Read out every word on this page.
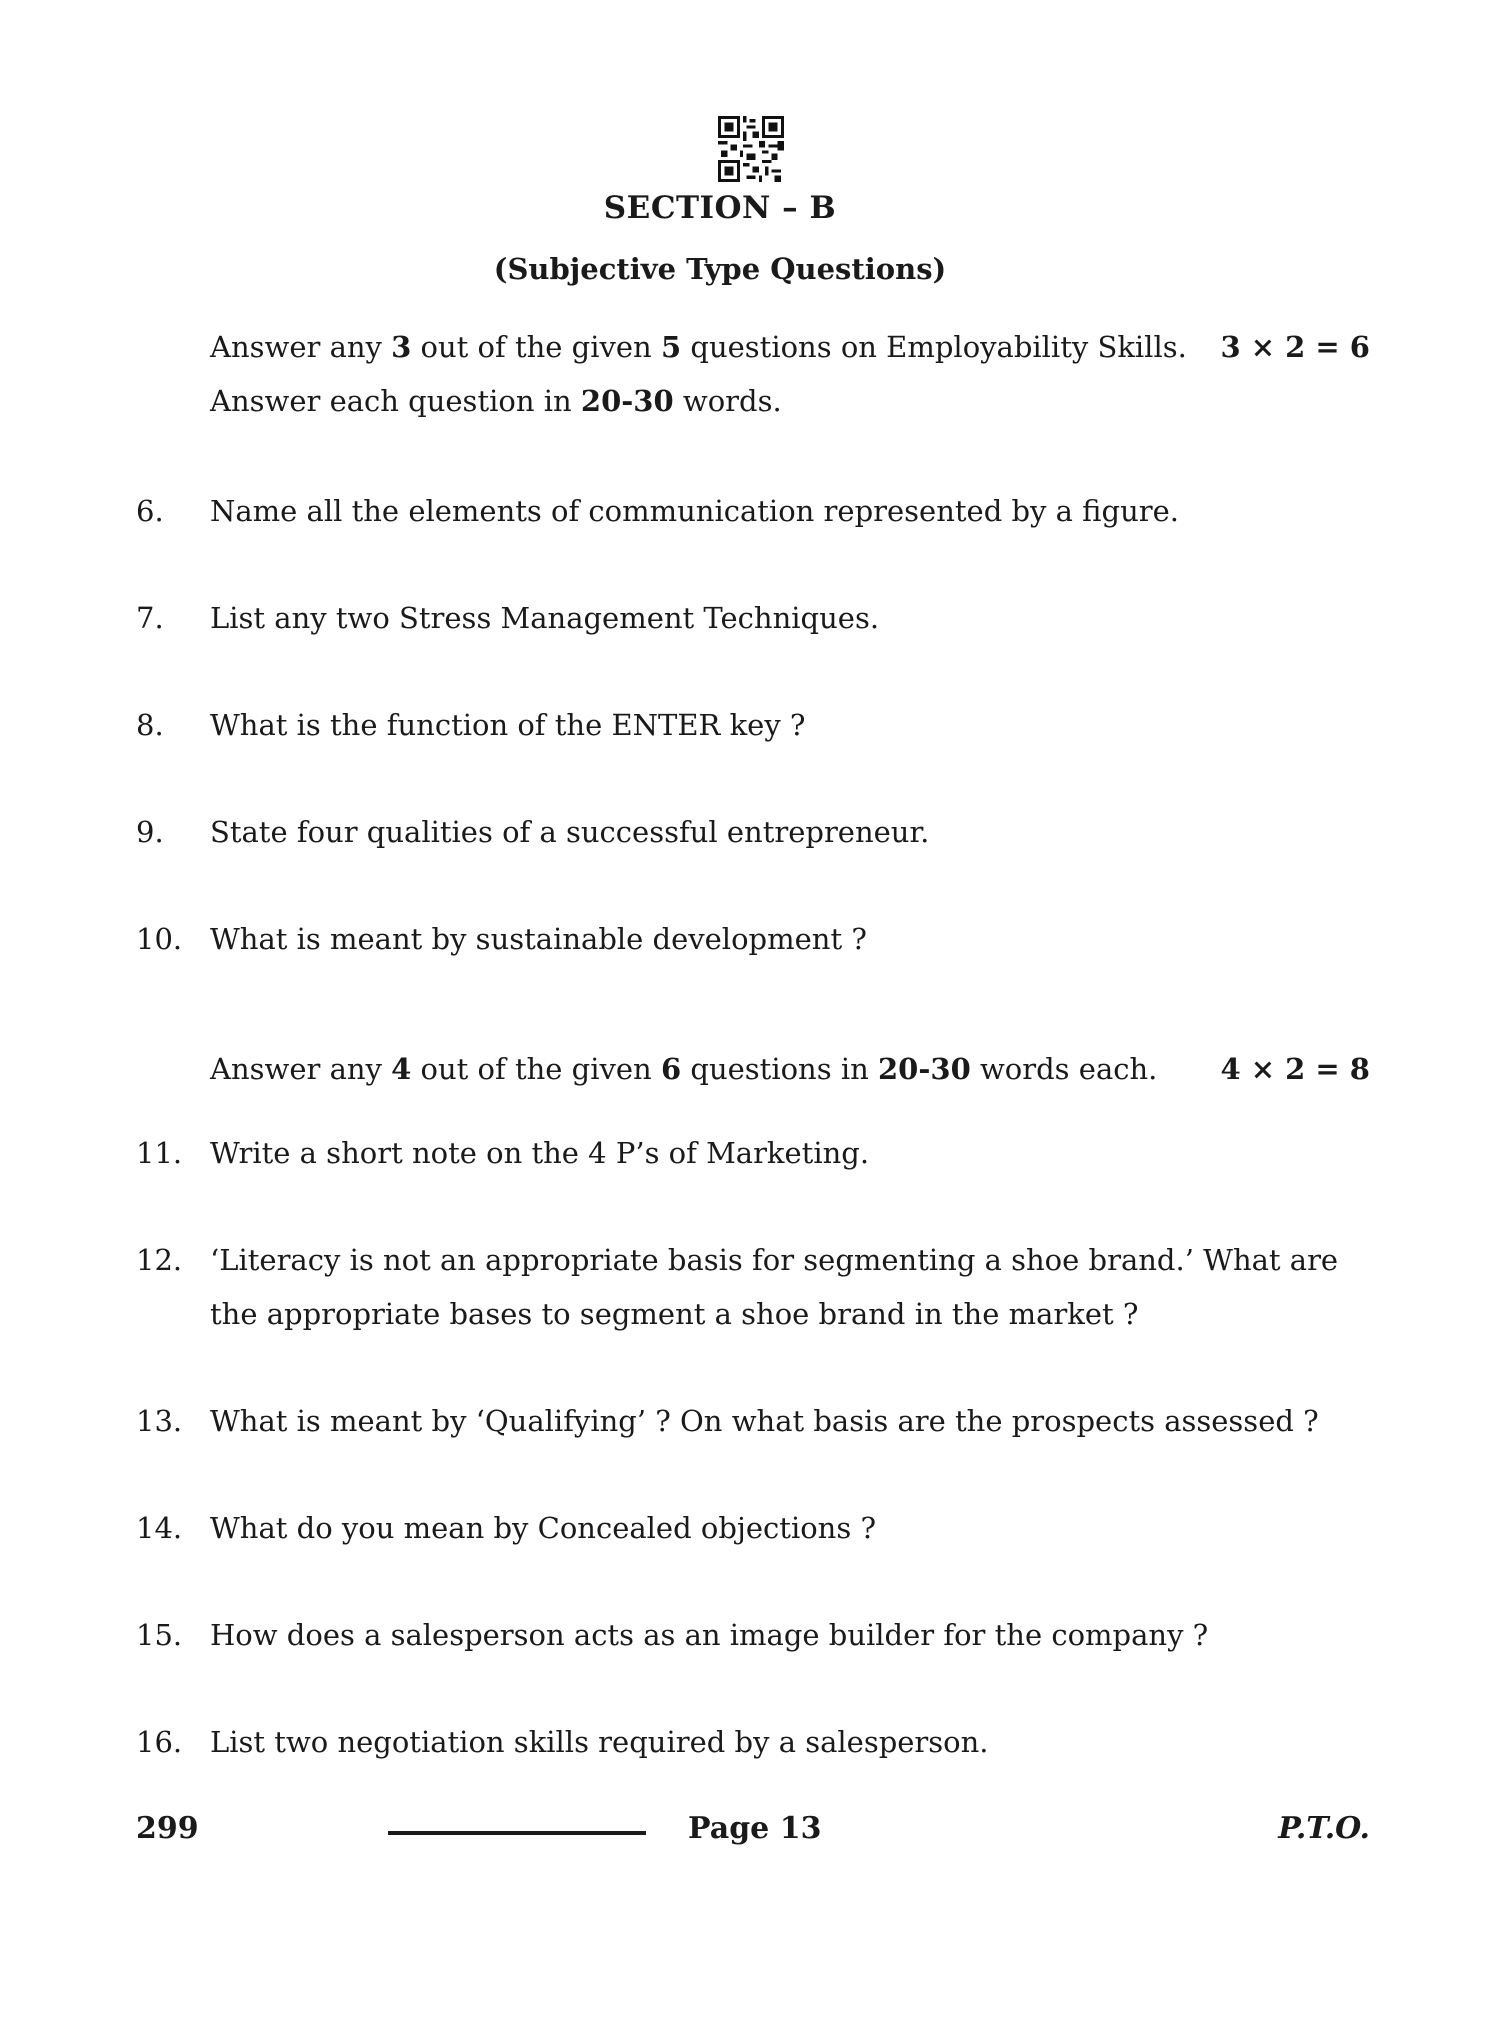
SECTION – B
(Subjective Type Questions)
Answer any 3 out of the given 5 questions on Employability Skills. 3 × 2 = 6
Answer each question in 20-30 words.
6.	Name all the elements of communication represented by a figure.
7.	List any two Stress Management Techniques.
8.	What is the function of the ENTER key ?
9.	State four qualities of a successful entrepreneur.
10. What is meant by sustainable development ?
Answer any 4 out of the given 6 questions in 20-30 words each. 4 × 2 = 8
11. Write a short note on the 4 P’s of Marketing.
12. ‘Literacy is not an appropriate basis for segmenting a shoe brand.’ What are the appropriate bases to segment a shoe brand in the market ?
13. What is meant by ‘Qualifying’ ? On what basis are the prospects assessed ?
14. What do you mean by Concealed objections ?
15. How does a salesperson acts as an image builder for the company ?
16. List two negotiation skills required by a salesperson.
299	Page 13	P.T.O.
